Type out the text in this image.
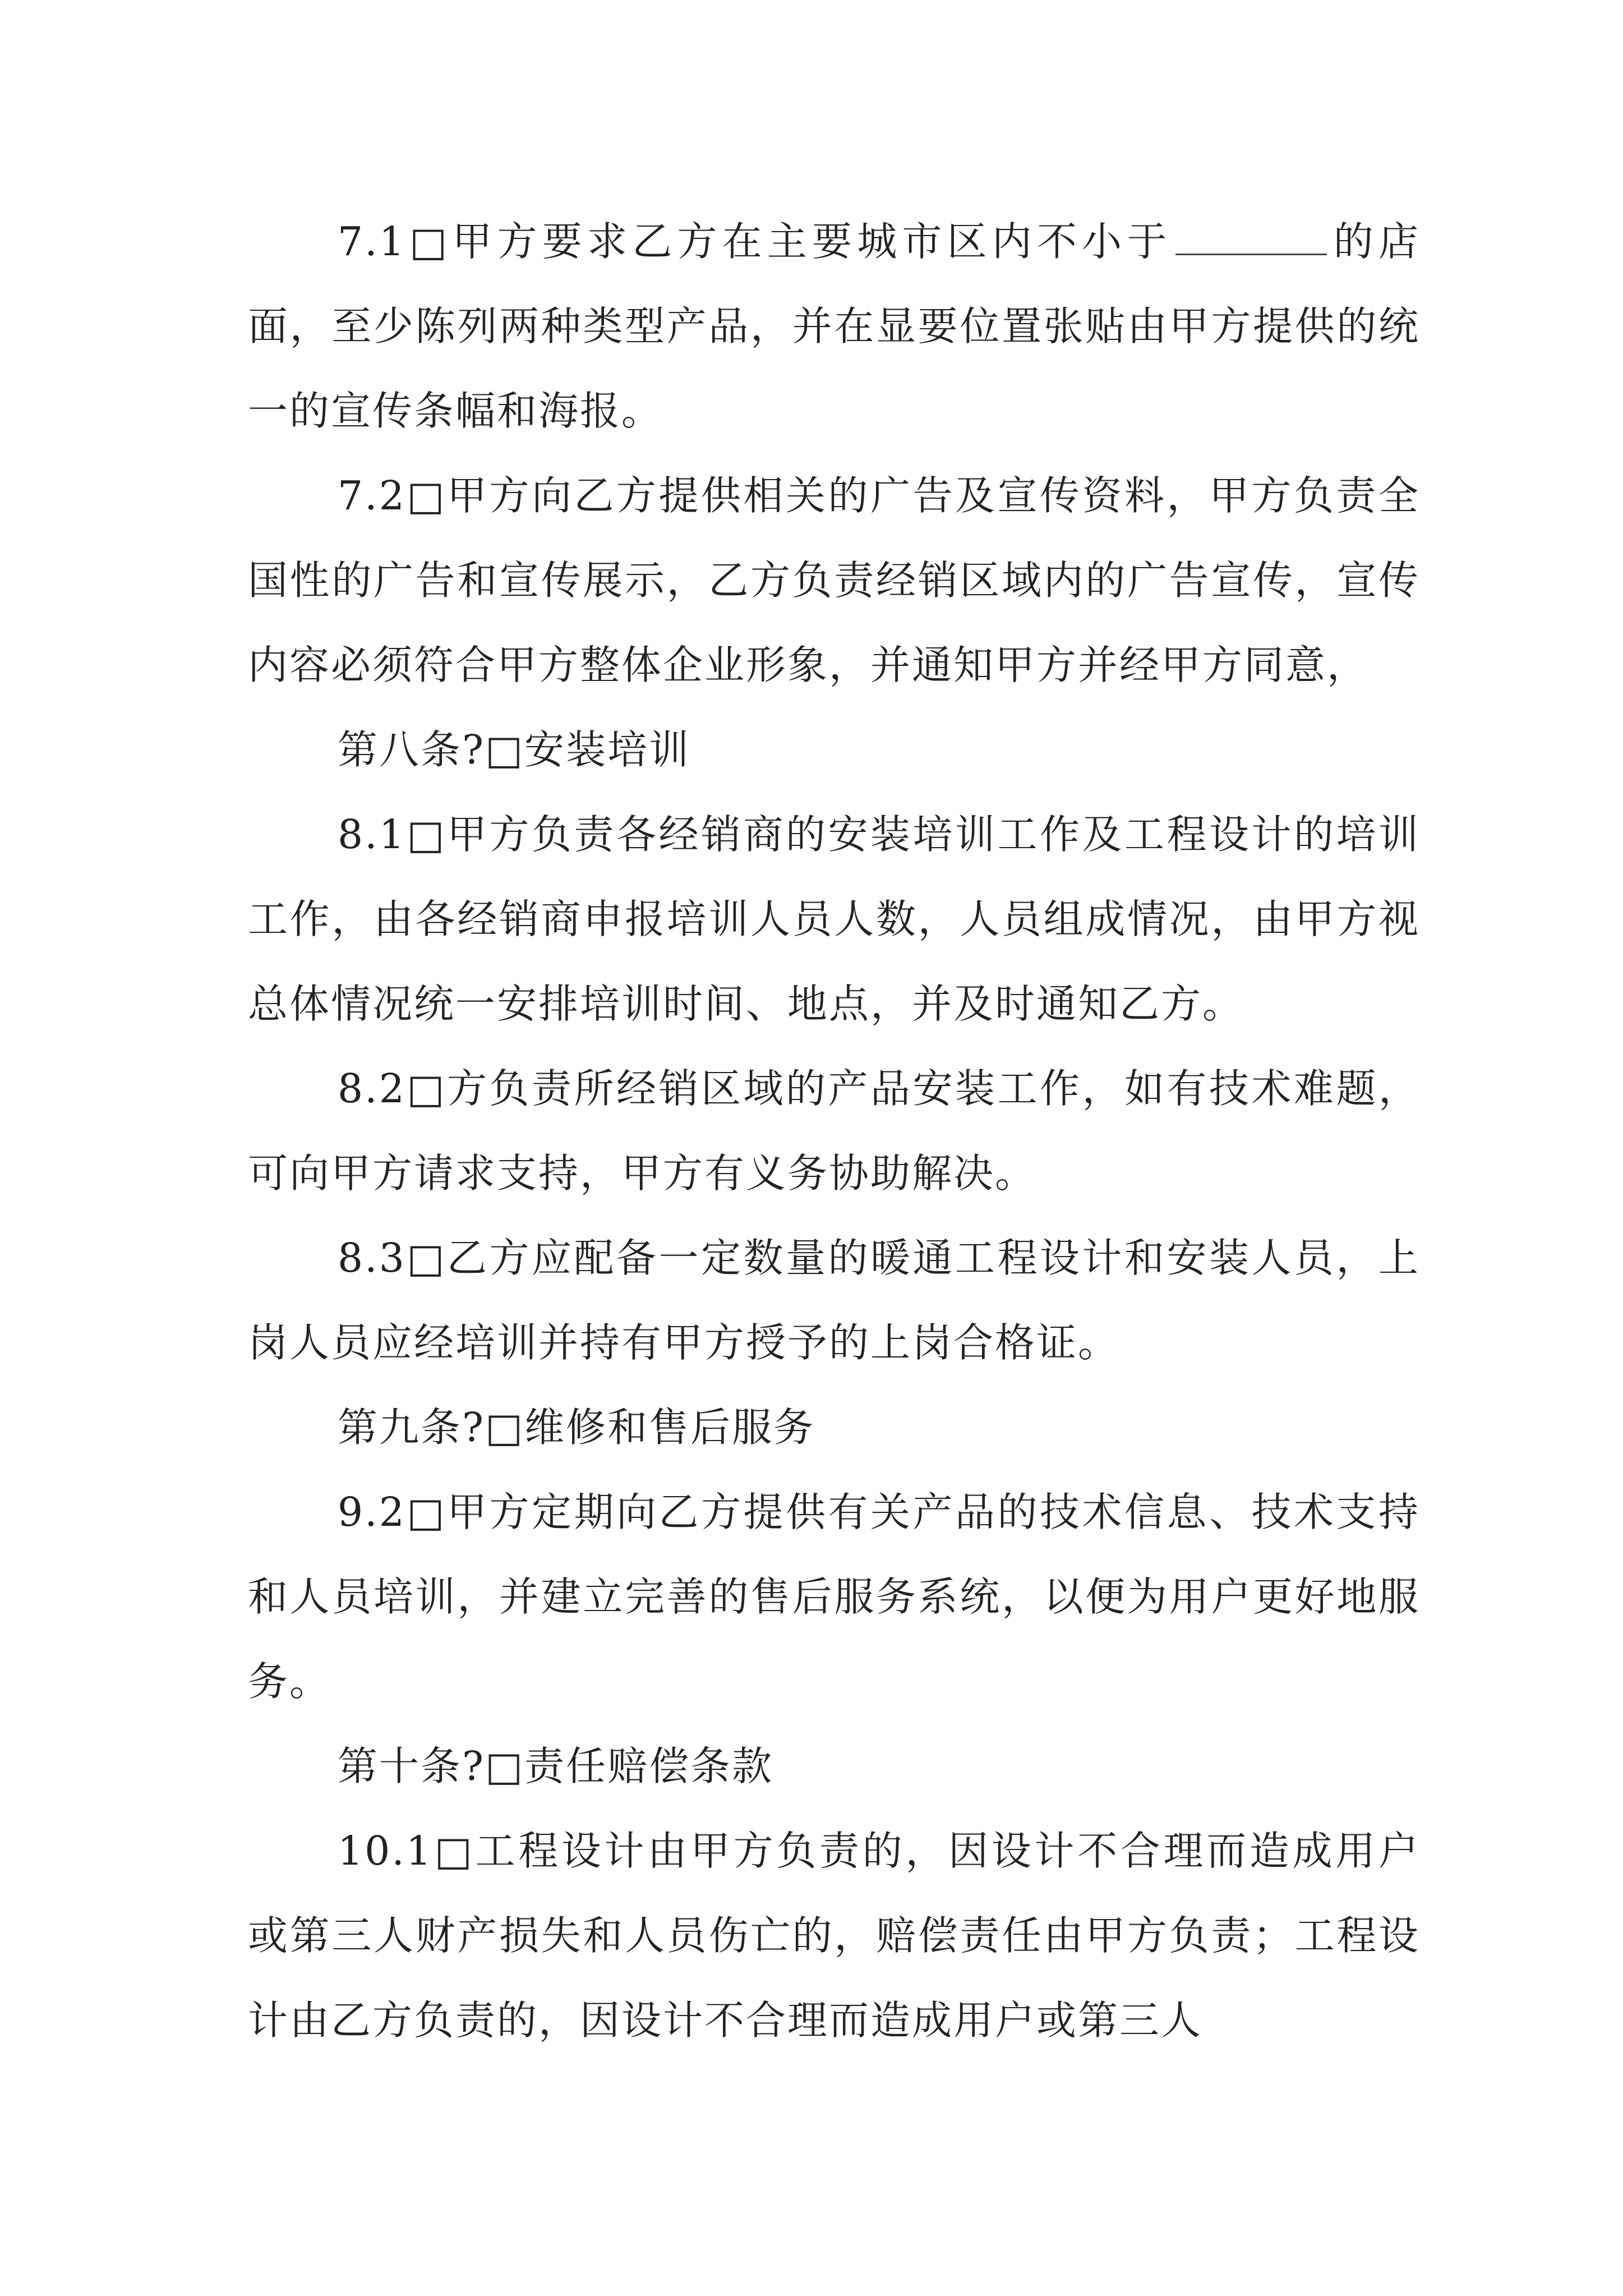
7.1□甲方要求乙方在主要城市区内不小于	的店面，至少陈列两种类型产品，并在显要位置张贴由甲方提供的统一的宣传条幅和海报。

7.2□甲方向乙方提供相关的广告及宣传资料，甲方负责全国性的广告和宣传展示，乙方负责经销区域内的广告宣传，宣传内容必须符合甲方整体企业形象，并通知甲方并经甲方同意，

第八条?□安装培训

8.1□甲方负责各经销商的安装培训工作及工程设计的培训工作，由各经销商申报培训人员人数，人员组成情况，由甲方视总体情况统一安排培训时间、地点，并及时通知乙方。

8.2□方负责所经销区域的产品安装工作，如有技术难题，可向甲方请求支持，甲方有义务协助解决。

8.3□乙方应配备一定数量的暖通工程设计和安装人员，上岗人员应经培训并持有甲方授予的上岗合格证。

第九条?□维修和售后服务

9.2□甲方定期向乙方提供有关产品的技术信息、技术支持和人员培训，并建立完善的售后服务系统，以便为用户更好地服务。

第十条?□责任赔偿条款

10.1□工程设计由甲方负责的，因设计不合理而造成用户或第三人财产损失和人员伤亡的，赔偿责任由甲方负责；工程设计由乙方负责的，因设计不合理而造成用户或第三人
